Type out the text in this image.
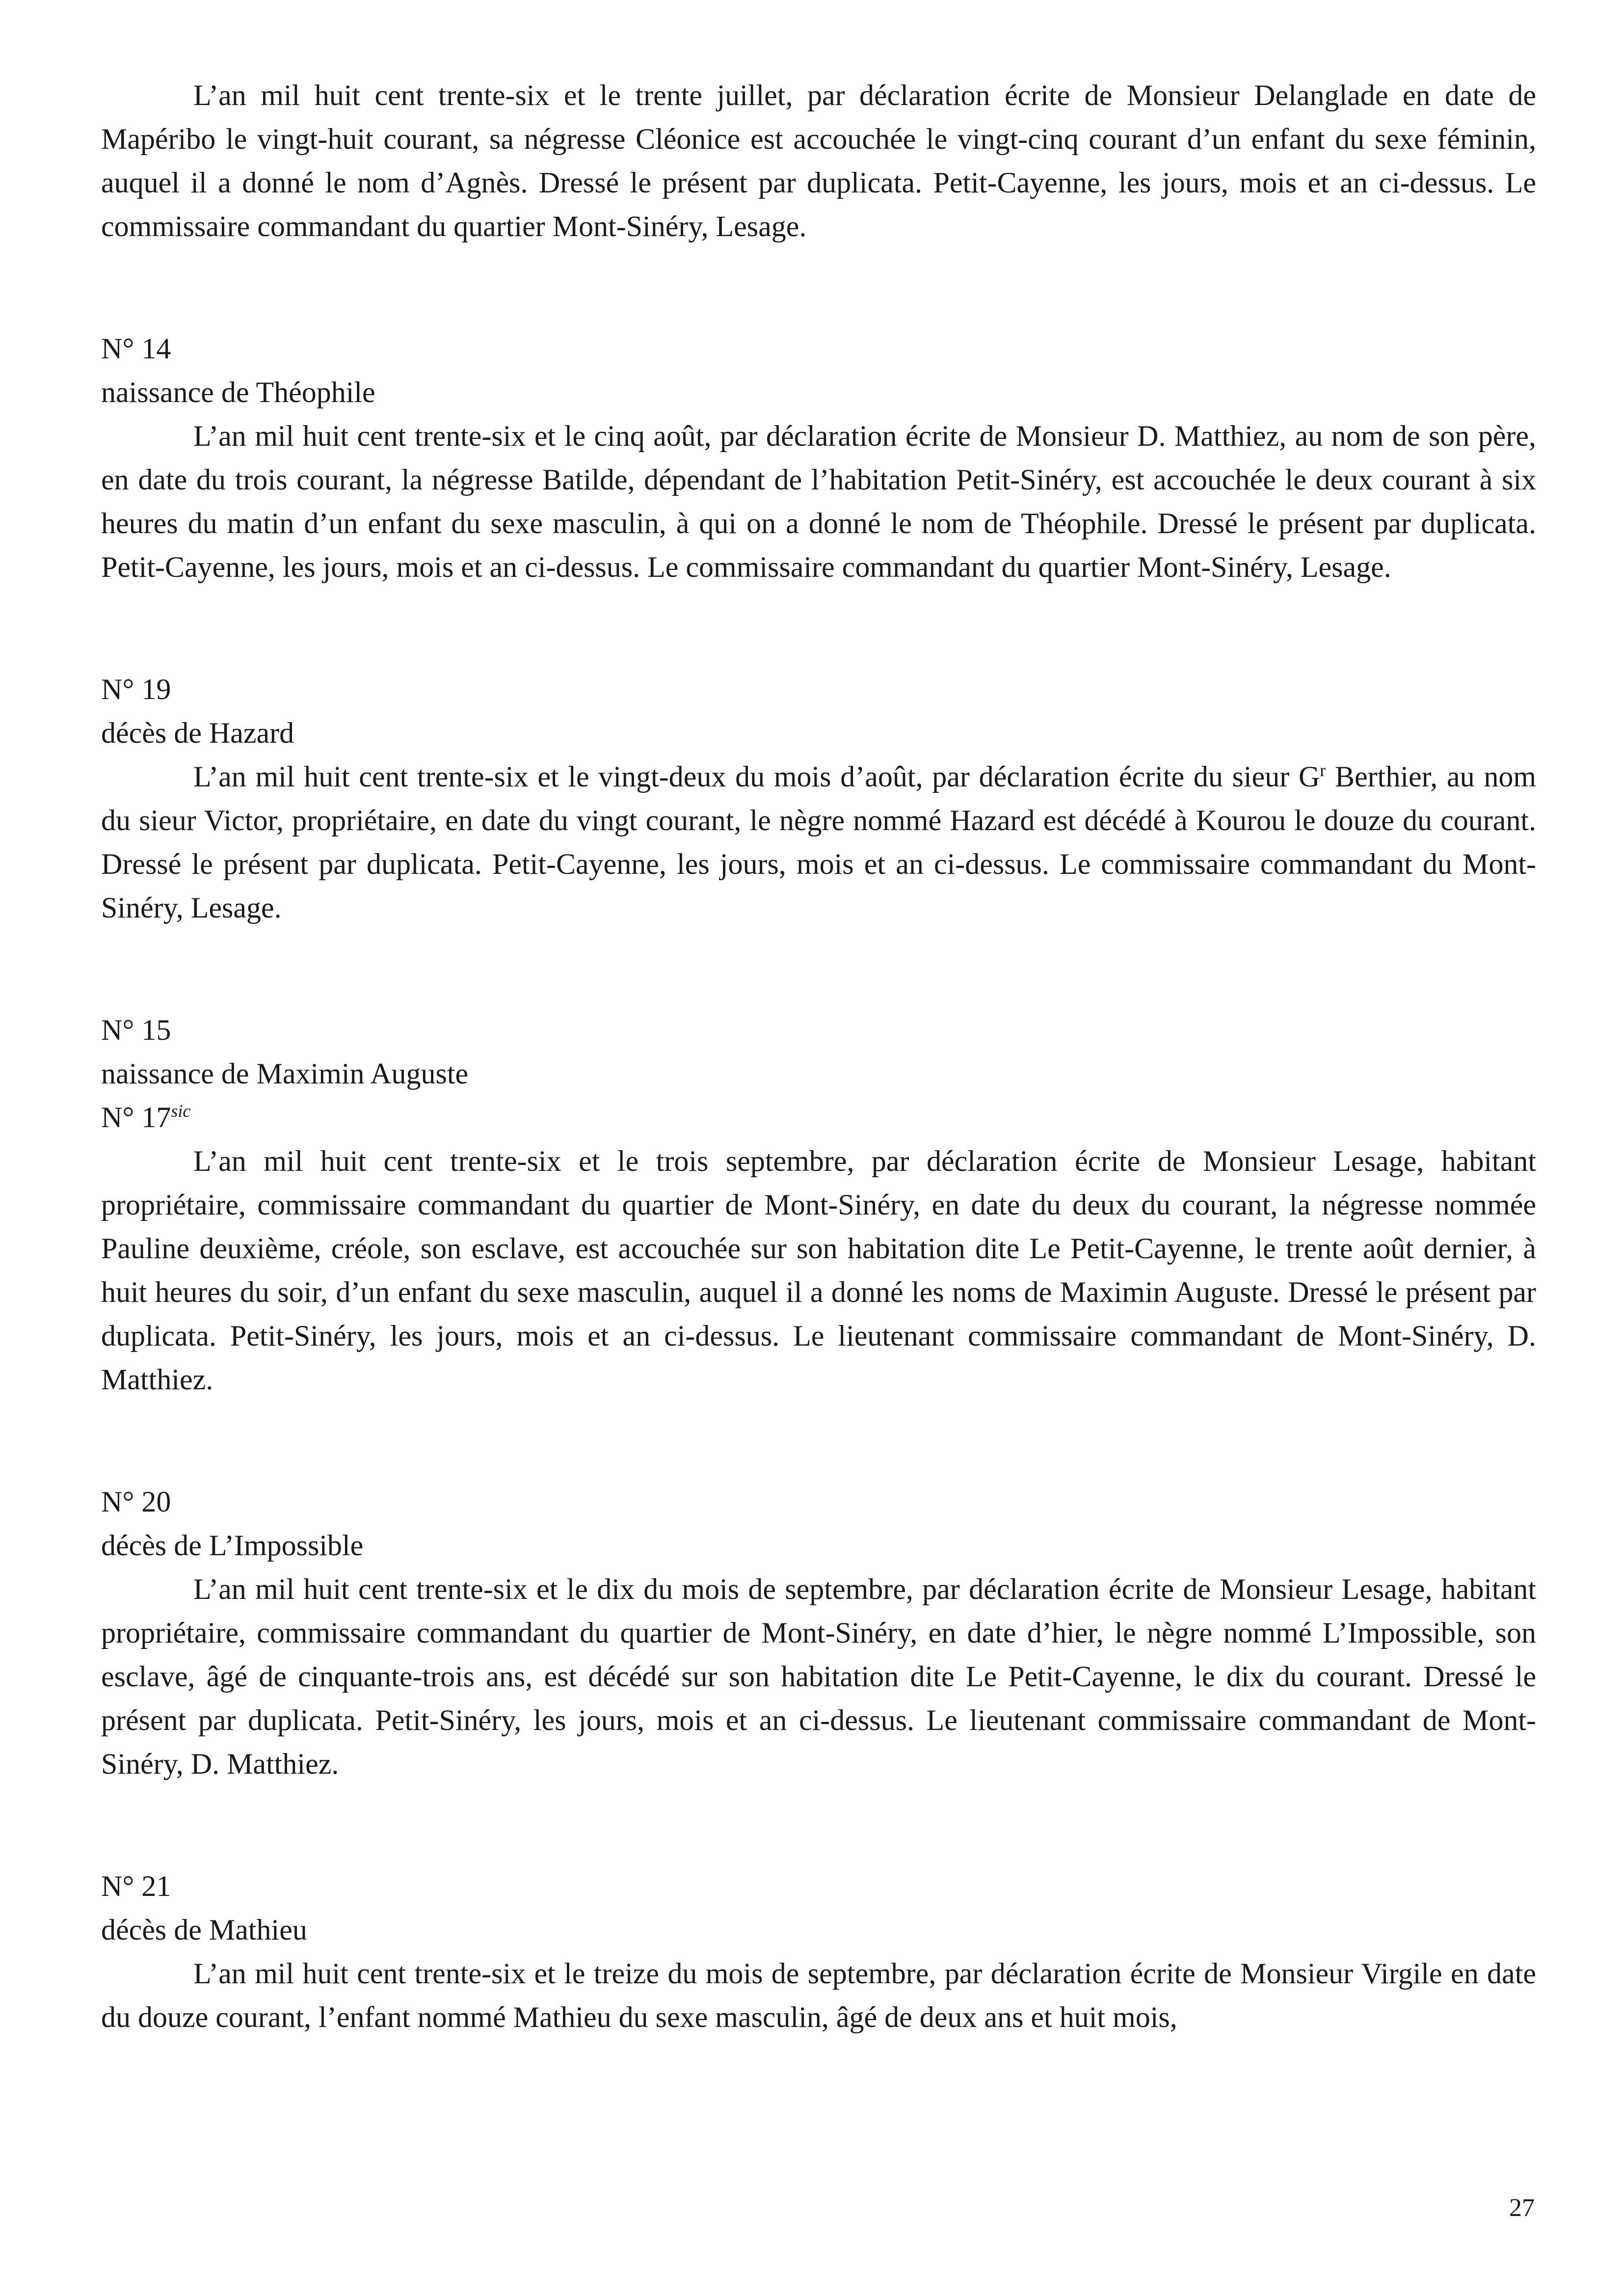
L’an mil huit cent trente-six et le trente juillet, par déclaration écrite de Monsieur Delanglade en date de Mapéribo le vingt-huit courant, sa négresse Cléonice est accouchée le vingt-cinq courant d’un enfant du sexe féminin, auquel il a donné le nom d’Agnès. Dressé le présent par duplicata. Petit-Cayenne, les jours, mois et an ci-dessus. Le commissaire commandant du quartier Mont-Sinéry, Lesage.

N° 14

naissance de Théophile

L’an mil huit cent trente-six et le cinq août, par déclaration écrite de Monsieur D. Matthiez, au nom de son père, en date du trois courant, la négresse Batilde, dépendant de l’habitation Petit-Sinéry, est accouchée le deux courant à six heures du matin d’un enfant du sexe masculin, à qui on a donné le nom de Théophile. Dressé le présent par duplicata. Petit-Cayenne, les jours, mois et an ci-dessus. Le commissaire commandant du quartier Mont-Sinéry, Lesage.

N° 19

décès de Hazard

L’an mil huit cent trente-six et le vingt-deux du mois d’août, par déclaration écrite du sieur $G^r$ Berthier, au nom du sieur Victor, propriétaire, en date du vingt courant, le nègre nommé Hazard est décédé à Kourou le douze du courant. Dressé le présent par duplicata. Petit-Cayenne, les jours, mois et an ci-dessus. Le commissaire commandant du Mont-Sinéry, Lesage.

N° 15

naissance de Maximin Auguste

N° $17^{sic}$

L’an mil huit cent trente-six et le trois septembre, par déclaration écrite de Monsieur Lesage, habitant propriétaire, commissaire commandant du quartier de Mont-Sinéry, en date du deux du courant, la négresse nommée Pauline deuxième, créole, son esclave, est accouchée sur son habitation dite Le Petit-Cayenne, le trente août dernier, à huit heures du soir, d’un enfant du sexe masculin, auquel il a donné les noms de Maximin Auguste. Dressé le présent par duplicata. Petit-Sinéry, les jours, mois et an ci-dessus. Le lieutenant commissaire commandant de Mont-Sinéry, D. Matthiez.

N° 20

décès de L’Impossible

L’an mil huit cent trente-six et le dix du mois de septembre, par déclaration écrite de Monsieur Lesage, habitant propriétaire, commissaire commandant du quartier de Mont-Sinéry, en date d’hier, le nègre nommé L’Impossible, son esclave, âgé de cinquante-trois ans, est décédé sur son habitation dite Le Petit-Cayenne, le dix du courant. Dressé le présent par duplicata. Petit-Sinéry, les jours, mois et an ci-dessus. Le lieutenant commissaire commandant de Mont-Sinéry, D. Matthiez.

N° 21

décès de Mathieu

L’an mil huit cent trente-six et le treize du mois de septembre, par déclaration écrite de Monsieur Virgile en date du douze courant, l’enfant nommé Mathieu du sexe masculin, âgé de deux ans et huit mois,

27
